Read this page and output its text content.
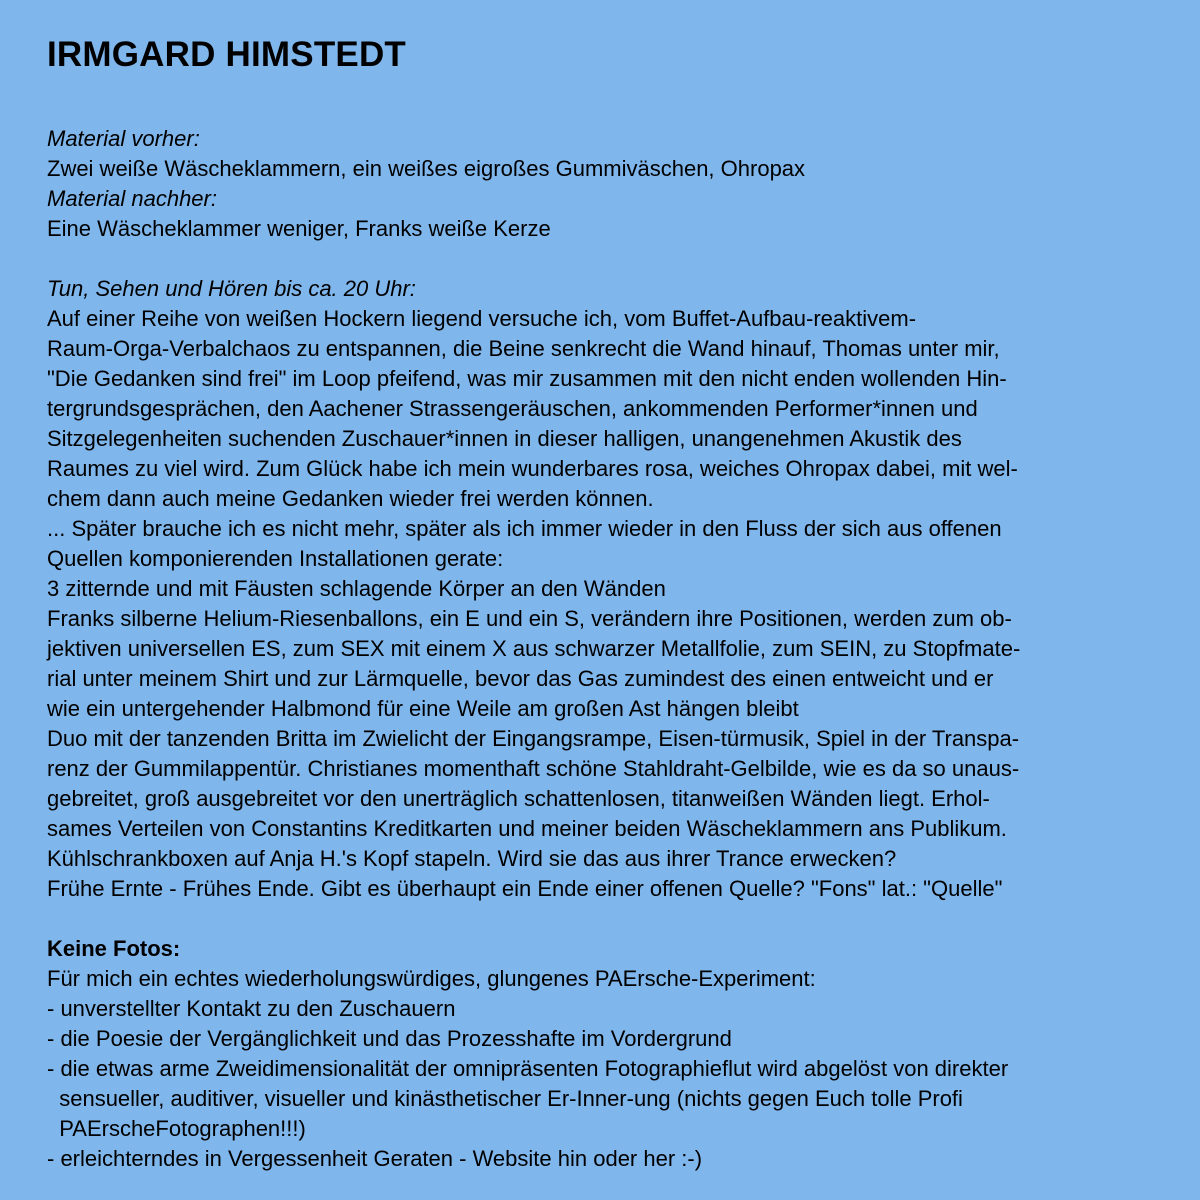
IRMGARD HIMSTEDT
Material vorher:
Zwei weiße Wäscheklammern, ein weißes eigroßes Gummiväschen, Ohropax
Material nachher:
Eine Wäscheklammer weniger, Franks weiße Kerze
Tun, Sehen und Hören bis ca. 20 Uhr:
Auf einer Reihe von weißen Hockern liegend versuche ich, vom Buffet-Aufbau-reaktivem-
Raum-Orga-Verbalchaos zu entspannen, die Beine senkrecht die Wand hinauf, Thomas unter mir,
"Die Gedanken sind frei" im Loop pfeifend, was mir zusammen mit den nicht enden wollenden Hin-
tergrundsgesprächen, den Aachener Strassengeräuschen, ankommenden Performer*innen und
Sitzgelegenheiten suchenden Zuschauer*innen in dieser halligen, unangenehmen Akustik des
Raumes zu viel wird. Zum Glück habe ich mein wunderbares rosa, weiches Ohropax dabei, mit wel-
chem dann auch meine Gedanken wieder frei werden können.
... Später brauche ich es nicht mehr, später als ich immer wieder in den Fluss der sich aus offenen
Quellen komponierenden Installationen gerate:
3 zitternde und mit Fäusten schlagende Körper an den Wänden
Franks silberne Helium-Riesenballons, ein E und ein S, verändern ihre Positionen, werden zum ob-
jektiven universellen ES, zum SEX mit einem X aus schwarzer Metallfolie, zum SEIN, zu Stopfmate-
rial unter meinem Shirt und zur Lärmquelle, bevor das Gas zumindest des einen entweicht und er
wie ein untergehender Halbmond für eine Weile am großen Ast hängen bleibt
Duo mit der tanzenden Britta im Zwielicht der Eingangsrampe, Eisen-türmusik, Spiel in der Transpa-
renz der Gummilappentür. Christianes momenthaft schöne Stahldraht-Gelbilde, wie es da so unaus-
gebreitet, groß ausgebreitet vor den unerträglich schattenlosen, titanweißen Wänden liegt. Erhol-
sames Verteilen von Constantins Kreditkarten und meiner beiden Wäscheklammern ans Publikum.
Kühlschrankboxen auf Anja H.'s Kopf stapeln. Wird sie das aus ihrer Trance erwecken?
Frühe Ernte - Frühes Ende. Gibt es überhaupt ein Ende einer offenen Quelle? "Fons" lat.: "Quelle"
Keine Fotos:
Für mich ein echtes wiederholungswürdiges, glungenes PAErsche-Experiment:
- unverstellter Kontakt zu den Zuschauern
- die Poesie der Vergänglichkeit und das Prozesshafte im Vordergrund
- die etwas arme Zweidimensionalität der omnipräsenten Fotographieflut wird abgelöst von direkter
sensueller, auditiver, visueller und kinästhetischer Er-Inner-ung (nichts gegen Euch tolle Profi
PAErscheFotographen!!!)
- erleichterndes in Vergessenheit Geraten - Website hin oder her :-)
